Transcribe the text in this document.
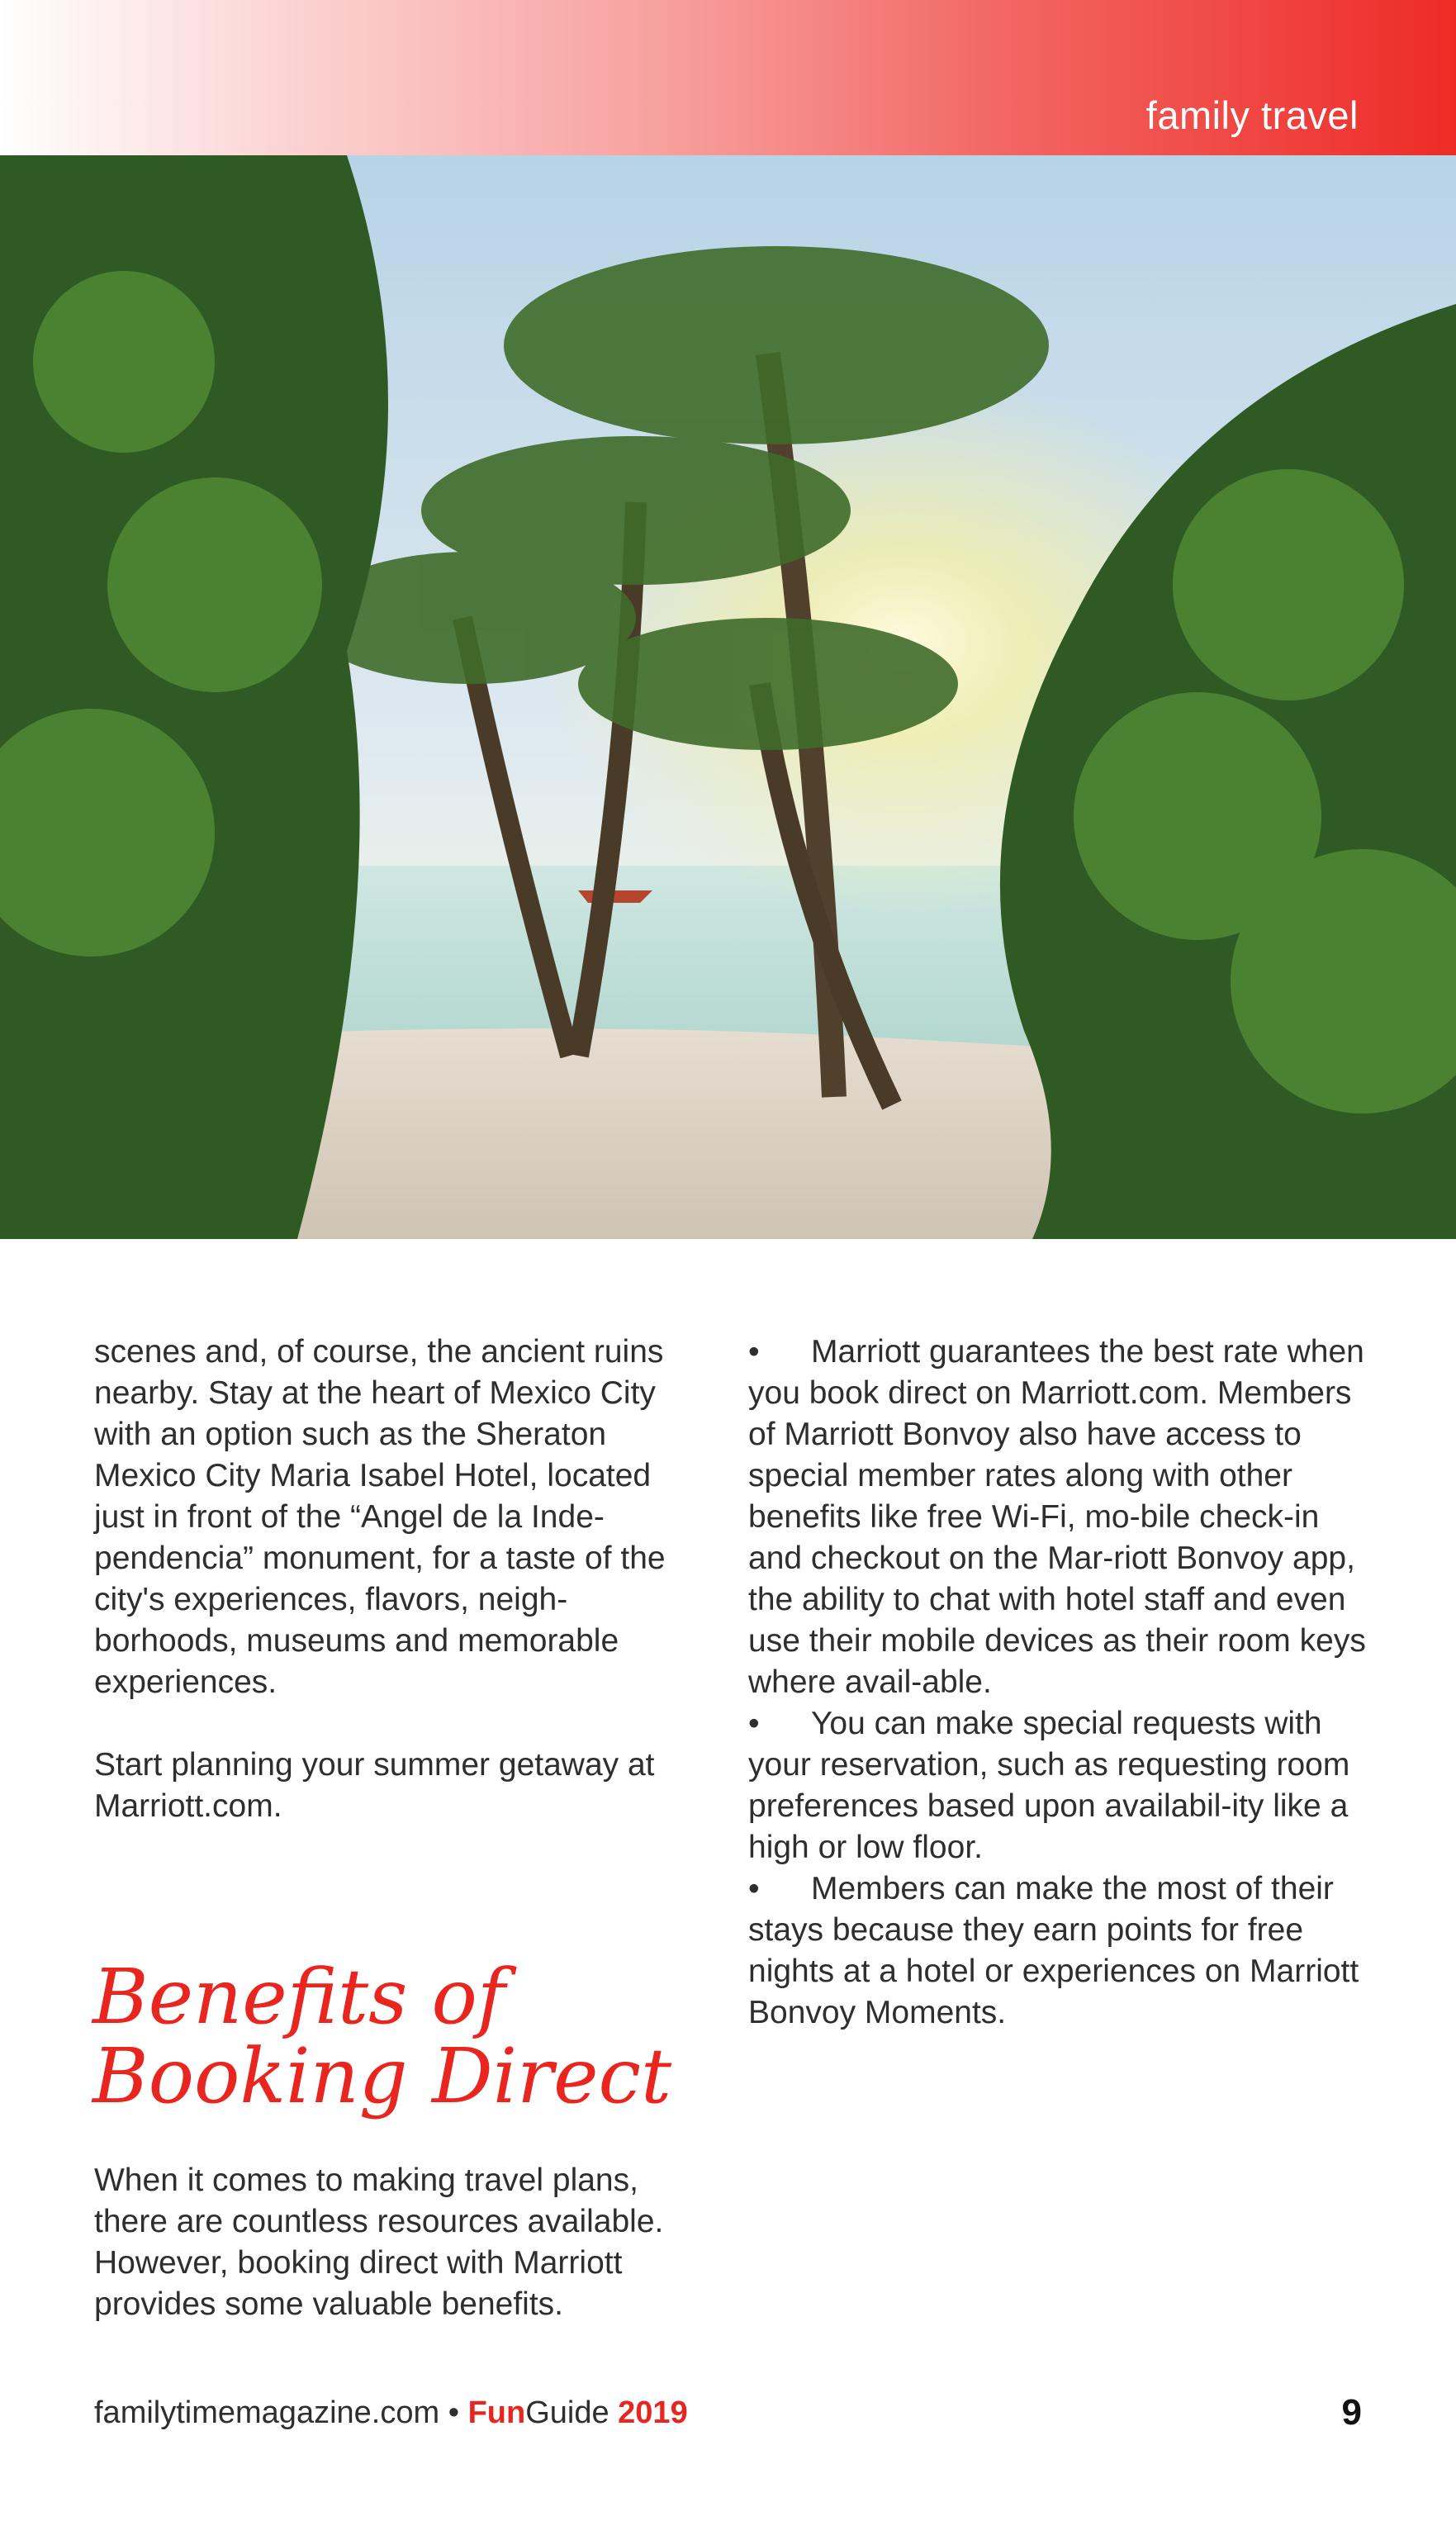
family travel

scenes and, of course, the ancient ruins nearby. Stay at the heart of Mexico City with an option such as the Sheraton Mexico City Maria Isabel Hotel, located just in front of the “Angel de la Inde-pendencia” monument, for a taste of the city's experiences, flavors, neigh-borhoods, museums and memorable experiences.

Start planning your summer getaway at Marriott.com.

Benefits of
Booking Direct

When it comes to making travel plans, there are countless resources available. However, booking direct with Marriott provides some valuable benefits.

• Marriott guarantees the best rate when you book direct on Marriott.com. Members of Marriott Bonvoy also have access to special member rates along with other benefits like free Wi-Fi, mo-bile check-in and checkout on the Mar-riott Bonvoy app, the ability to chat with hotel staff and even use their mobile devices as their room keys where avail-able.

• You can make special requests with your reservation, such as requesting room preferences based upon availabil-ity like a high or low floor.

• Members can make the most of their stays because they earn points for free nights at a hotel or experiences on Marriott Bonvoy Moments.

familytimemagazine.com • FunGuide 2019	9
